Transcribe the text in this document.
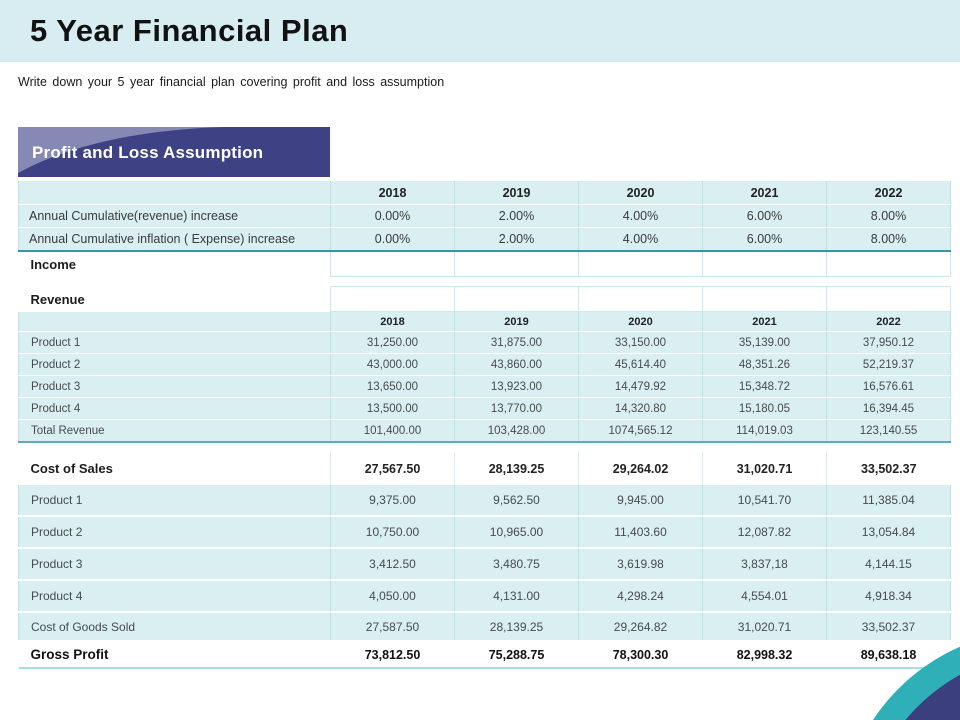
5 Year Financial Plan

Write down your 5 year financial plan covering profit and loss assumption

Profit and Loss Assumption
	2018	2019	2020	2021	2022
Annual Cumulative(revenue) increase	0.00%	2.00%	4.00%	6.00%	8.00%
Annual Cumulative inflation ( Expense) increase	0.00%	2.00%	4.00%	6.00%	8.00%
Income					

Revenue					
	2018	2019	2020	2021	2022
Product 1	31,250.00	31,875.00	33,150.00	35,139.00	37,950.12
Product 2	43,000.00	43,860.00	45,614.40	48,351.26	52,219.37
Product 3	13,650.00	13,923.00	14,479.92	15,348.72	16,576.61
Product 4	13,500.00	13,770.00	14,320.80	15,180.05	16,394.45
Total Revenue	101,400.00	103,428.00	1074,565.12	114,019.03	123,140.55

Cost of Sales	27,567.50	28,139.25	29,264.02	31,020.71	33,502.37
Product 1	9,375.00	9,562.50	9,945.00	10,541.70	11,385.04
Product 2	10,750.00	10,965.00	11,403.60	12,087.82	13,054.84
Product 3	3,412.50	3,480.75	3,619.98	3,837,18	4,144.15
Product 4	4,050.00	4,131.00	4,298.24	4,554.01	4,918.34
Cost of Goods Sold	27,587.50	28,139.25	29,264.82	31,020.71	33,502.37
Gross Profit	73,812.50	75,288.75	78,300.30	82,998.32	89,638.18
